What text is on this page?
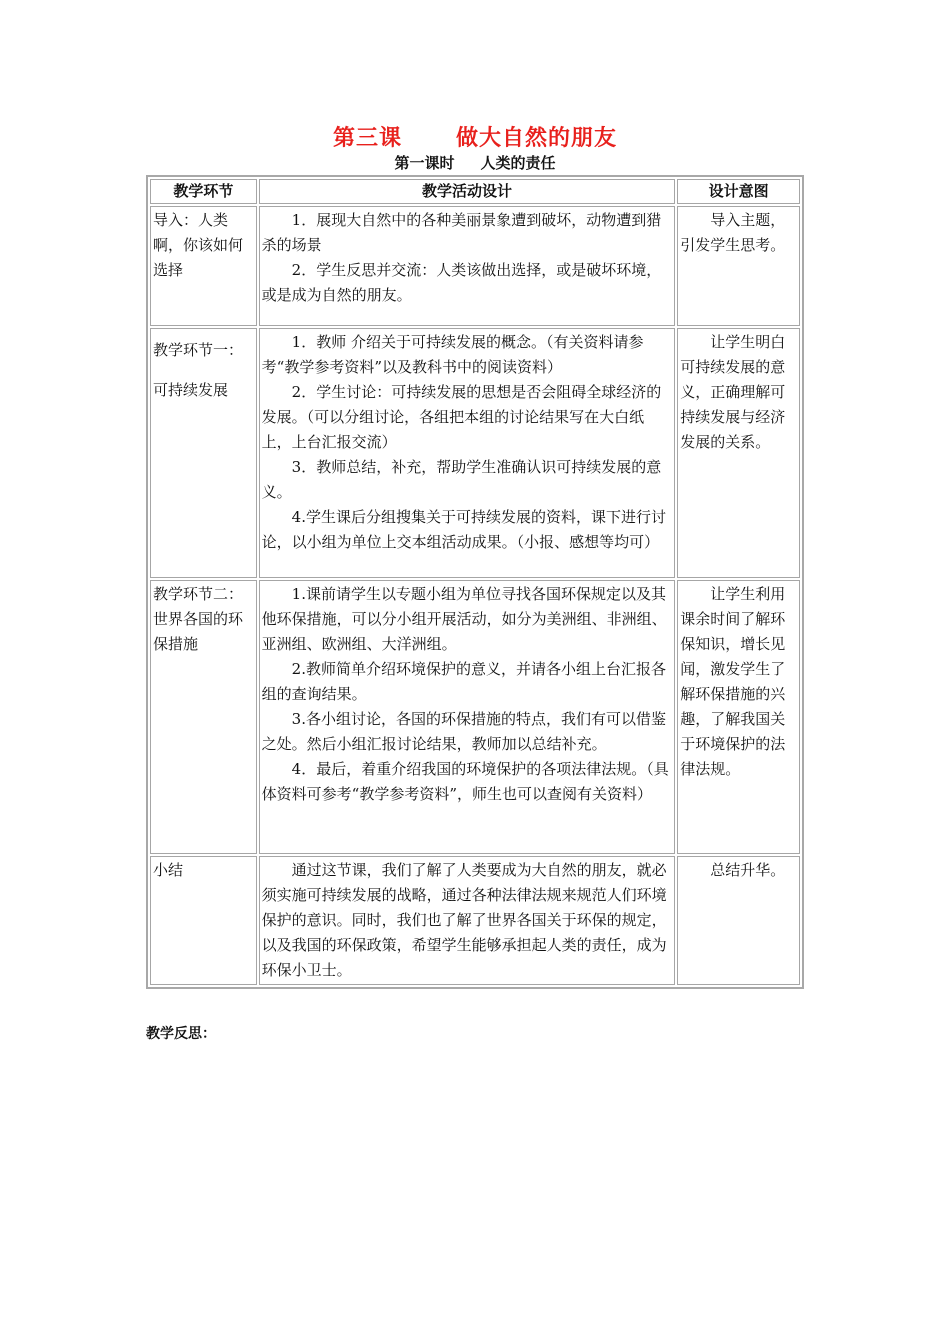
第三课 做大自然的朋友
第一课时 人类的责任
教学环节	教学活动设计	设计意图
导入：人类啊，你该如何选择	1．展现大自然中的各种美丽景象遭到破坏，动物遭到猎杀的场景

2．学生反思并交流：人类该做出选择，或是破坏环境，或是成为自然的朋友。	导入主题，引发学生思考。
教学环节一：可持续发展	1．教师 介绍关于可持续发展的概念。（有关资料请参考“教学参考资料”以及教科书中的阅读资料）

2．学生讨论：可持续发展的思想是否会阻碍全球经济的发展。（可以分组讨论，各组把本组的讨论结果写在大白纸上，上台汇报交流）

3．教师总结，补充，帮助学生准确认识可持续发展的意义。

4.学生课后分组搜集关于可持续发展的资料，课下进行讨论，以小组为单位上交本组活动成果。（小报、感想等均可）	让学生明白可持续发展的意义，正确理解可持续发展与经济发展的关系。
教学环节二：世界各国的环保措施	1.课前请学生以专题小组为单位寻找各国环保规定以及其他环保措施，可以分小组开展活动，如分为美洲组、非洲组、亚洲组、欧洲组、大洋洲组。

2.教师简单介绍环境保护的意义，并请各小组上台汇报各组的查询结果。

3.各小组讨论，各国的环保措施的特点，我们有可以借鉴之处。然后小组汇报讨论结果，教师加以总结补充。

4．最后，着重介绍我国的环境保护的各项法律法规。（具体资料可参考“教学参考资料”，师生也可以查阅有关资料）	让学生利用课余时间了解环保知识，增长见闻，激发学生了解环保措施的兴趣，了解我国关于环境保护的法律法规。
小结	通过这节课，我们了解了人类要成为大自然的朋友，就必须实施可持续发展的战略，通过各种法律法规来规范人们环境保护的意识。同时，我们也了解了世界各国关于环保的规定，以及我国的环保政策，希望学生能够承担起人类的责任，成为环保小卫士。	总结升华。
教学反思：
